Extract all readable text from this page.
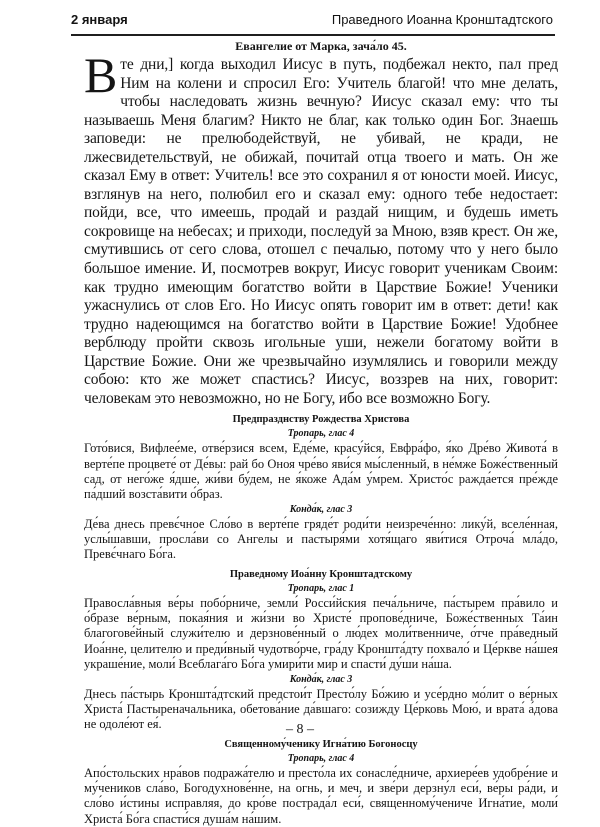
2 января	Праведного Иоанна Кронштадтского
Евангелие от Марка, зача́ло 45.

Вте дни,] когда выходил Иисус в путь, подбежал некто, пал пред Ним на колени и спросил Его: Учитель благой! что мне делать, чтобы наследовать жизнь вечную? Иисус сказал ему: что ты называешь Меня благим? Никто не благ, как только один Бог. Знаешь заповеди: не прелюбодействуй, не убивай, не кради, не лжесвидетельствуй, не обижай, почитай отца твоего и мать. Он же сказал Ему в ответ: Учитель! все это сохранил я от юности моей. Иисус, взглянув на него, полюбил его и сказал ему: одного тебе недостает: пойди, все, что имеешь, продай и раздай нищим, и будешь иметь сокровище на небесах; и приходи, последуй за Мною, взяв крест. Он же, смутившись от сего слова, отошел с печалью, потому что у него было большое имение. И, посмотрев вокруг, Иисус говорит ученикам Своим: как трудно имеющим богатство войти в Царствие Божие! Ученики ужаснулись от слов Его. Но Иисус опять говорит им в ответ: дети! как трудно надеющимся на богатство войти в Царствие Божие! Удобнее верблюду пройти сквозь игольные уши, нежели богатому войти в Царствие Божие. Они же чрезвычайно изумлялись и говорили между собою: кто же может спастись? Иисус, воззрев на них, говорит: человекам это невозможно, но не Богу, ибо все возможно Богу.

Предпразднству Рождества Христова
Тропарь, глас 4

Гото́вися, Вифлее́ме, отве́рзися всем, Еде́ме, красу́йся, Евфра́фо, я́ко Дре́во Живота́ в верте́пе процвете́ от Де́вы: рай бо Оноя чре́во яви́ся мы́сленный, в не́мже Боже́ственный сад, от него́же я́дше, жи́ви бу́дем, не я́коже Ада́м у́мрем. Христо́с ражда́ется пре́жде па́дший возста́вити о́браз.

Конда́к, глас 3

Де́ва днесь превє́чное Сло́во в верте́пе гряде́т роди́ти неизрече́нно: лику́й, вселе́нная, услы́шавши, просла́ви со Ангелы и пастыря́ми хотя́щаго яви́тися Отроча́ мла́до, Превє́чнаго Бо́га.

Праведному Иоа́нну Кронштадтскому
Тропарь, глас 1

Правосла́вныя ве́ры побо́рниче, земли́ Росси́йския печа́льниче, па́стырем пра́вило и о́бразе ве́рным, покая́ния и жи́зни во Христе́ пропове́дниче, Боже́ственных Та́ин благогове́йный служи́телю и дерзнове́нный о лю́дех моли́твенниче, о́тче пра́ведный Иоа́нне, целителю и преди́вный чудотво́рче, гра́ду Кроншта́дту похвало́ и Це́ркве на́шея украше́ние, моли́ Всеблага́го Бо́га умири́ти мир и спасти́ ду́ши на́ша.

Конда́к, глас 3

Днесь па́стырь Кроншта́дтский предстои́т Престо́лу Бо́жию и усе́рдно мо́лит о ве́рных Христа́ Пастыреначальника, обетова́ние да́вшаго: созижду Це́рковь Мою́, и врата́ а́дова не одоле́ют ея́.

Священному́ченику Игна́тию Богоносцу
Тропарь, глас 4

Апо́стольских нра́вов подража́телю и престо́ла их сонасле́дниче, архиере́ев удобре́ние и му́чеников сла́во, Богодухнове́нне, на огнь, и меч, и зве́ри дерзну́л еси́, ве́ры ра́ди, и сло́во и́стины исправляя, до кро́ве пострада́л еси́, священному́чениче Игна́тие, моли́ Христа́ Бо́га спасти́ся душа́м на́шим.

– 8 –
